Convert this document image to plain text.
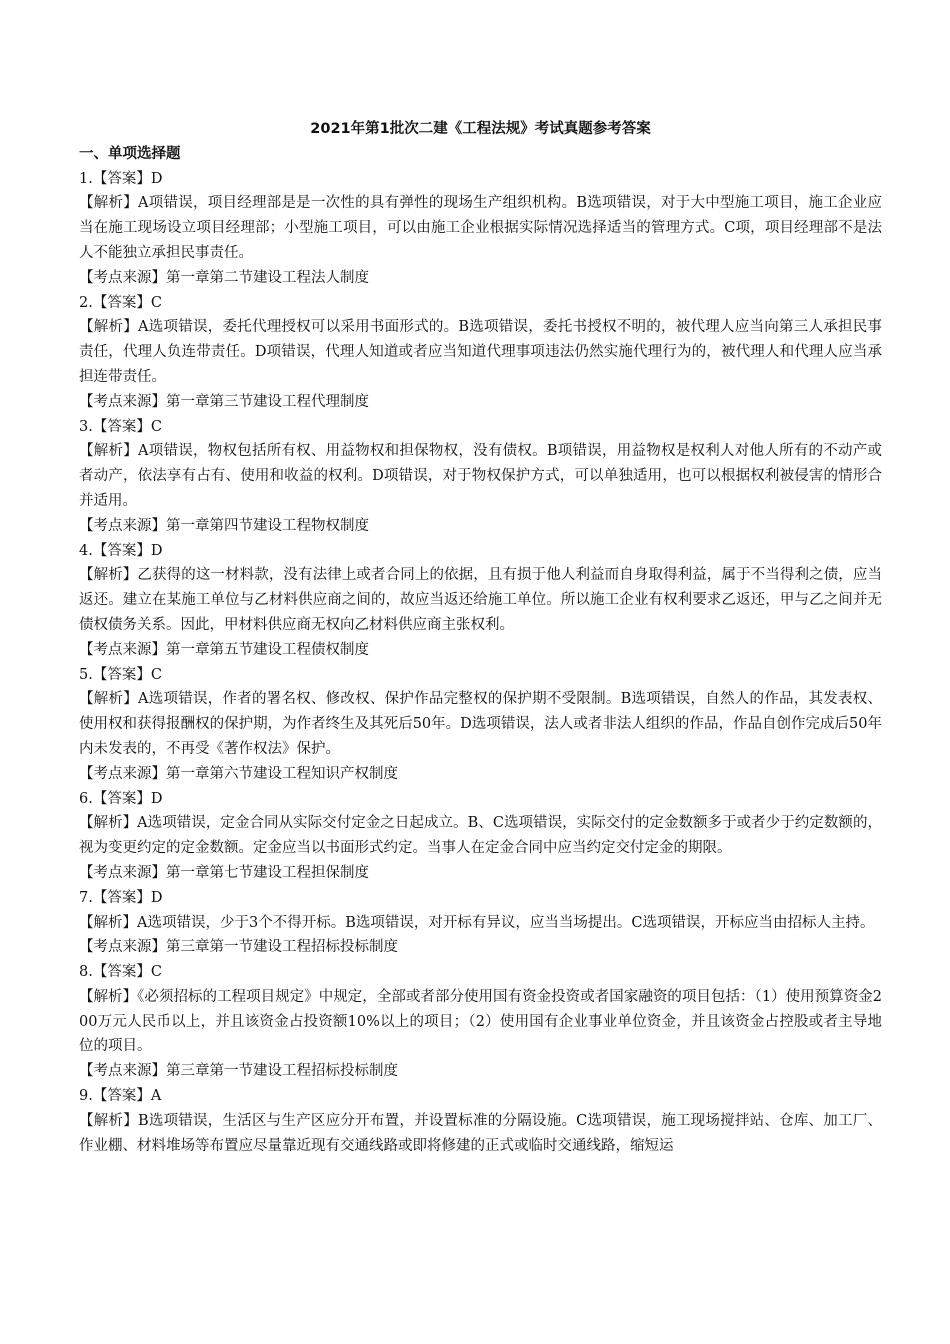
2021年第1批次二建《工程法规》考试真题参考答案
一、单项选择题
1.【答案】D
【解析】A项错误，项目经理部是是一次性的具有弹性的现场生产组织机构。B选项错误，对于大中型施工项目，施工企业应当在施工现场设立项目经理部；小型施工项目，可以由施工企业根据实际情况选择适当的管理方式。C项，项目经理部不是法人不能独立承担民事责任。
【考点来源】第一章第二节建设工程法人制度
2.【答案】C
【解析】A选项错误，委托代理授权可以采用书面形式的。B选项错误，委托书授权不明的，被代理人应当向第三人承担民事责任，代理人负连带责任。D项错误，代理人知道或者应当知道代理事项违法仍然实施代理行为的，被代理人和代理人应当承担连带责任。
【考点来源】第一章第三节建设工程代理制度
3.【答案】C
【解析】A项错误，物权包括所有权、用益物权和担保物权，没有债权。B项错误，用益物权是权利人对他人所有的不动产或者动产，依法享有占有、使用和收益的权利。D项错误，对于物权保护方式，可以单独适用，也可以根据权利被侵害的情形合并适用。
【考点来源】第一章第四节建设工程物权制度
4.【答案】D
【解析】乙获得的这一材料款，没有法律上或者合同上的依据，且有损于他人利益而自身取得利益，属于不当得利之债，应当返还。建立在某施工单位与乙材料供应商之间的，故应当返还给施工单位。所以施工企业有权利要求乙返还，甲与乙之间并无债权债务关系。因此，甲材料供应商无权向乙材料供应商主张权利。
【考点来源】第一章第五节建设工程债权制度
5.【答案】C
【解析】A选项错误，作者的署名权、修改权、保护作品完整权的保护期不受限制。B选项错误，自然人的作品，其发表权、使用权和获得报酬权的保护期，为作者终生及其死后50年。D选项错误，法人或者非法人组织的作品，作品自创作完成后50年内未发表的，不再受《著作权法》保护。
【考点来源】第一章第六节建设工程知识产权制度
6.【答案】D
【解析】A选项错误，定金合同从实际交付定金之日起成立。B、C选项错误，实际交付的定金数额多于或者少于约定数额的，视为变更约定的定金数额。定金应当以书面形式约定。当事人在定金合同中应当约定交付定金的期限。
【考点来源】第一章第七节建设工程担保制度
7.【答案】D
【解析】A选项错误，少于3个不得开标。B选项错误，对开标有异议，应当当场提出。C选项错误，开标应当由招标人主持。
【考点来源】第三章第一节建设工程招标投标制度
8.【答案】C
【解析】《必须招标的工程项目规定》中规定，全部或者部分使用国有资金投资或者国家融资的项目包括：（1）使用预算资金200万元人民币以上，并且该资金占投资额10%以上的项目；（2）使用国有企业事业单位资金，并且该资金占控股或者主导地位的项目。
【考点来源】第三章第一节建设工程招标投标制度
9.【答案】A
【解析】B选项错误，生活区与生产区应分开布置，并设置标准的分隔设施。C选项错误，施工现场搅拌站、仓库、加工厂、作业棚、材料堆场等布置应尽量靠近现有交通线路或即将修建的正式或临时交通线路，缩短运
